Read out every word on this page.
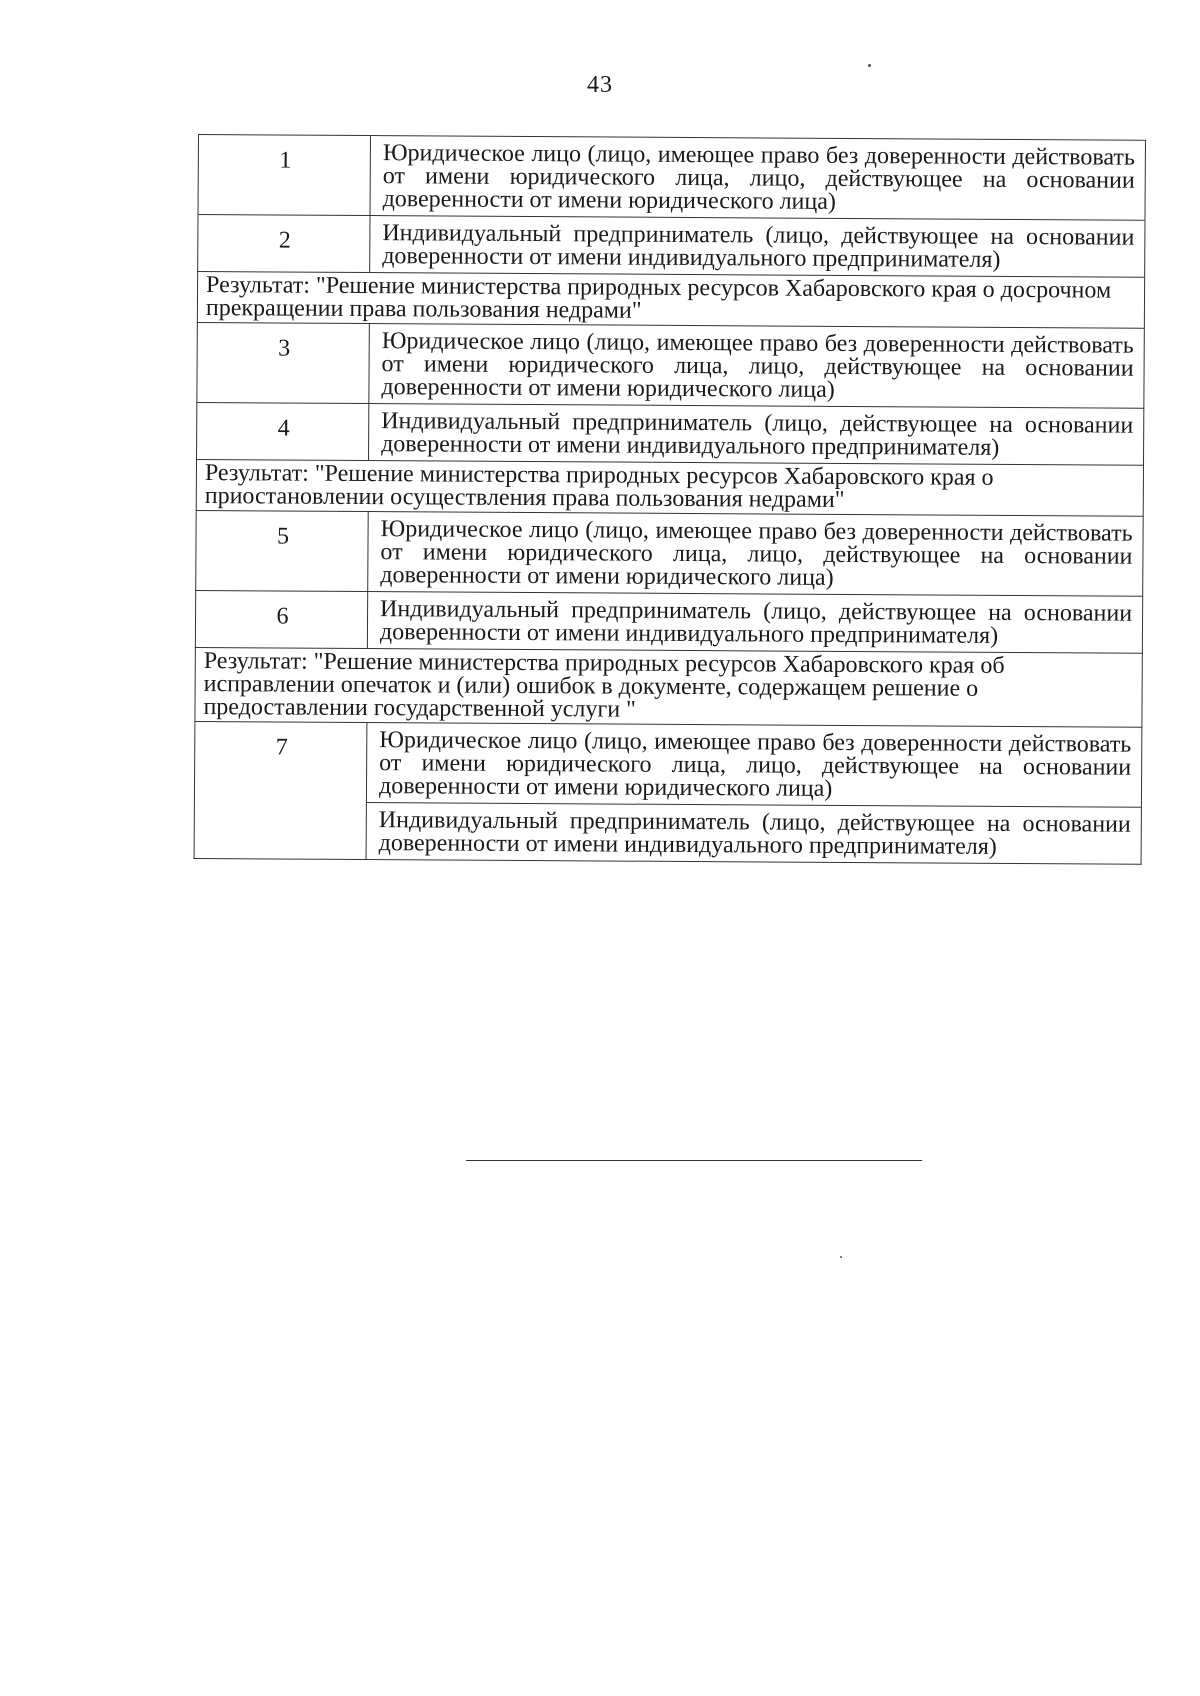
43
1	Юридическое лицо (лицо, имеющее право без доверенности действовать от имени юридического лица, лицо, действующее на основании доверенности от имени юридического лица)
2	Индивидуальный предприниматель (лицо, действующее на основании доверенности от имени индивидуального предпринимателя)
Результат: "Решение министерства природных ресурсов Хабаровского края о досрочном прекращении права пользования недрами"	
3	Юридическое лицо (лицо, имеющее право без доверенности действовать от имени юридического лица, лицо, действующее на основании доверенности от имени юридического лица)
4	Индивидуальный предприниматель (лицо, действующее на основании доверенности от имени индивидуального предпринимателя)
Результат: "Решение министерства природных ресурсов Хабаровского края о приостановлении осуществления права пользования недрами"	
5	Юридическое лицо (лицо, имеющее право без доверенности действовать от имени юридического лица, лицо, действующее на основании доверенности от имени юридического лица)
6	Индивидуальный предприниматель (лицо, действующее на основании доверенности от имени индивидуального предпринимателя)
Результат: "Решение министерства природных ресурсов Хабаровского края об исправлении опечаток и (или) ошибок в документе, содержащем решение о предоставлении государственной услуги "	
7	Юридическое лицо (лицо, имеющее право без доверенности действовать от имени юридического лица, лицо, действующее на основании доверенности от имени юридического лица)
	Индивидуальный предприниматель (лицо, действующее на основании доверенности от имени индивидуального предпринимателя)
